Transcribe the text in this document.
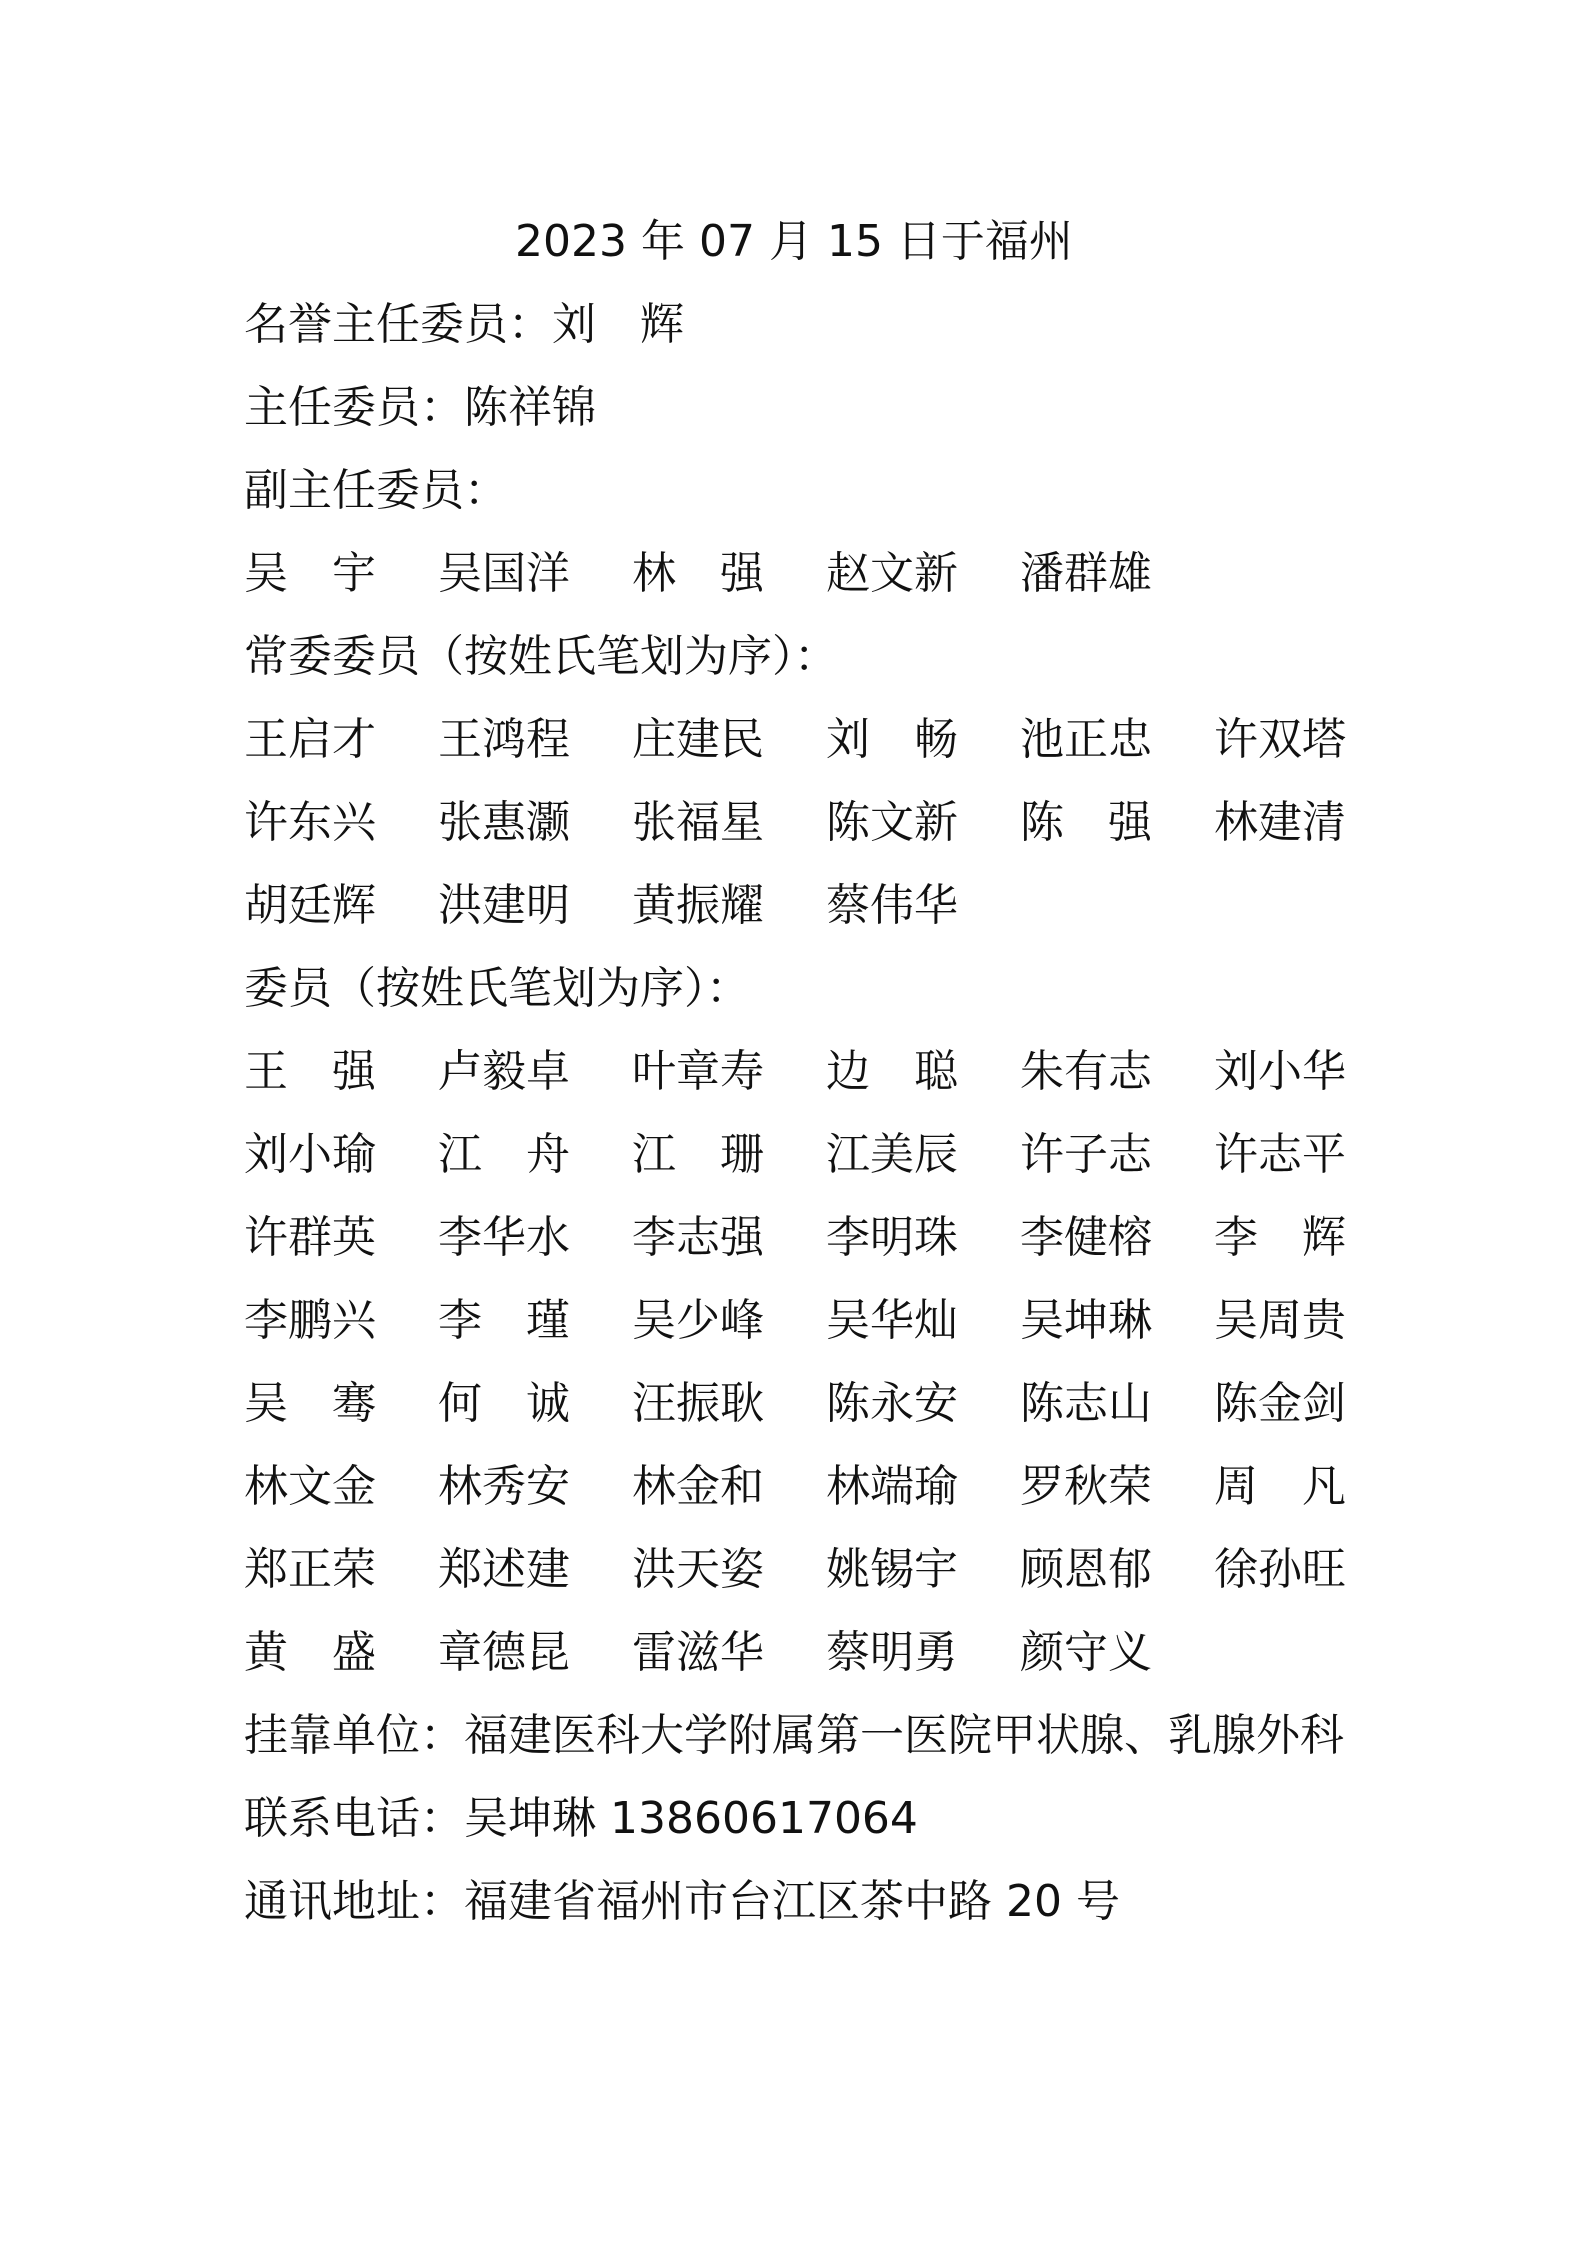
2023 年 07 月 15 日于福州
名誉主任委员：刘　辉
主任委员：陈祥锦
副主任委员：
吴　宇	吴国洋	林　强	赵文新	潘群雄
常委委员（按姓氏笔划为序）：
王启才	王鸿程	庄建民	刘　畅	池正忠	许双塔
许东兴	张惠灏	张福星	陈文新	陈　强	林建清
胡廷辉	洪建明	黄振耀	蔡伟华
委员（按姓氏笔划为序）：
王　强	卢毅卓	叶章寿	边　聪	朱有志	刘小华
刘小瑜	江　舟	江　珊	江美辰	许子志	许志平
许群英	李华水	李志强	李明珠	李健榕	李　辉
李鹏兴	李　瑾	吴少峰	吴华灿	吴坤琳	吴周贵
吴　骞	何　诚	汪振耿	陈永安	陈志山	陈金剑
林文金	林秀安	林金和	林端瑜	罗秋荣	周　凡
郑正荣	郑述建	洪天姿	姚锡宇	顾恩郁	徐孙旺
黄　盛	章德昆	雷滋华	蔡明勇	颜守义
挂靠单位：福建医科大学附属第一医院甲状腺、乳腺外科
联系电话：吴坤琳 13860617064
通讯地址：福建省福州市台江区茶中路 20 号
